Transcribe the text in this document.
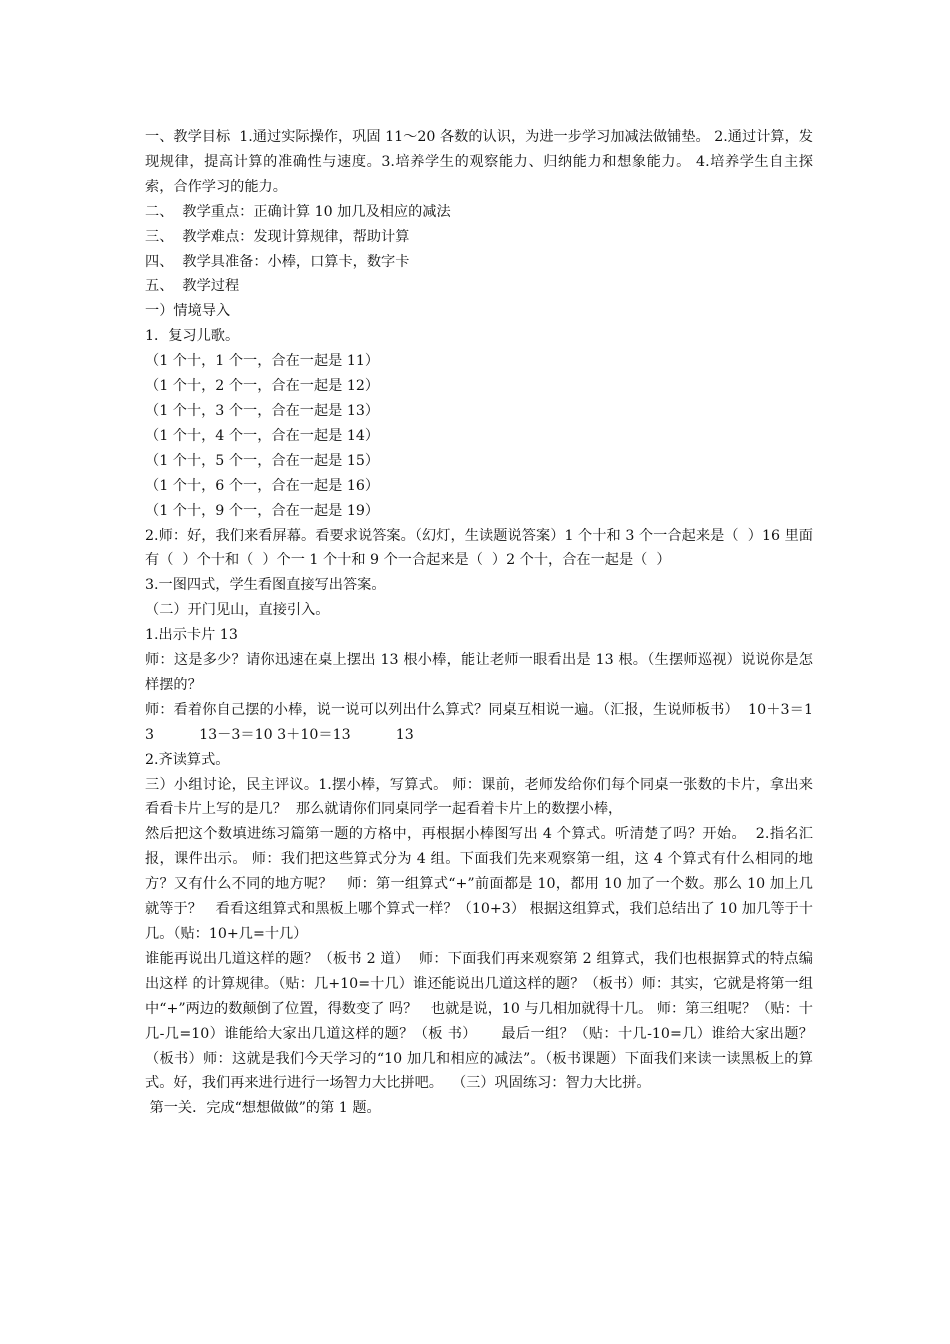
一、教学目标  1.通过实际操作，巩固 11～20 各数的认识，为进一步学习加减法做铺垫。 2.通过计算，发现规律，提高计算的准确性与速度。3.培养学生的观察能力、归纳能力和想象能力。 4.培养学生自主探索，合作学习的能力。

二、  教学重点：正确计算 10 加几及相应的减法

三、  教学难点：发现计算规律，帮助计算

四、  教学具准备：小棒，口算卡，数字卡

五、  教学过程

一）情境导入

1．复习儿歌。

（1 个十，1 个一，合在一起是 11）

（1 个十，2 个一，合在一起是 12）

（1 个十，3 个一，合在一起是 13）

（1 个十，4 个一，合在一起是 14）

（1 个十，5 个一，合在一起是 15）

（1 个十，6 个一，合在一起是 16）

（1 个十，9 个一，合在一起是 19）

2.师：好，我们来看屏幕。看要求说答案。（幻灯，生读题说答案）1 个十和 3 个一合起来是（  ）16 里面有（  ）个十和（  ）个一 1 个十和 9 个一合起来是（  ）2 个十，合在一起是（  ）

3.一图四式，学生看图直接写出答案。

（二）开门见山，直接引入。

1.出示卡片 13

师：这是多少？请你迅速在桌上摆出 13 根小棒，能让老师一眼看出是 13 根。（生摆师巡视）说说你是怎样摆的？

师：看着你自己摆的小棒，说一说可以列出什么算式？同桌互相说一遍。（汇报，生说师板书）  10＋3＝13          13－3＝10 3＋10＝13          13

2.齐读算式。

三）小组讨论，民主评议。1.摆小棒，写算式。 师：课前，老师发给你们每个同桌一张数的卡片，拿出来看看卡片上写的是几？  那么就请你们同桌同学一起看着卡片上的数摆小棒，

然后把这个数填进练习篇第一题的方格中，再根据小棒图写出 4 个算式。听清楚了吗？开始。  2.指名汇报，课件出示。 师：我们把这些算式分为 4 组。下面我们先来观察第一组，这 4 个算式有什么相同的地方？又有什么不同的地方呢？   师：第一组算式“+”前面都是 10，都用 10 加了一个数。那么 10 加上几就等于？   看看这组算式和黑板上哪个算式一样？（10+3） 根据这组算式，我们总结出了 10 加几等于十几。（贴：10+几=十几）

谁能再说出几道这样的题？（板书 2 道）  师：下面我们再来观察第 2 组算式，我们也根据算式的特点编出这样 的计算规律。（贴：几+10=十几）谁还能说出几道这样的题？（板书）师：其实，它就是将第一组中“+”两边的数颠倒了位置，得数变了 吗？   也就是说，10 与几相加就得十几。 师：第三组呢？（贴：十几-几=10）谁能给大家出几道这样的题？（板 书）     最后一组？（贴：十几-10=几）谁给大家出题？（板书）师：这就是我们今天学习的“10 加几和相应的减法”。（板书课题）下面我们来读一读黑板上的算式。好，我们再来进行进行一场智力大比拼吧。  （三）巩固练习：智力大比拼。

第一关．完成“想想做做”的第 1 题。
